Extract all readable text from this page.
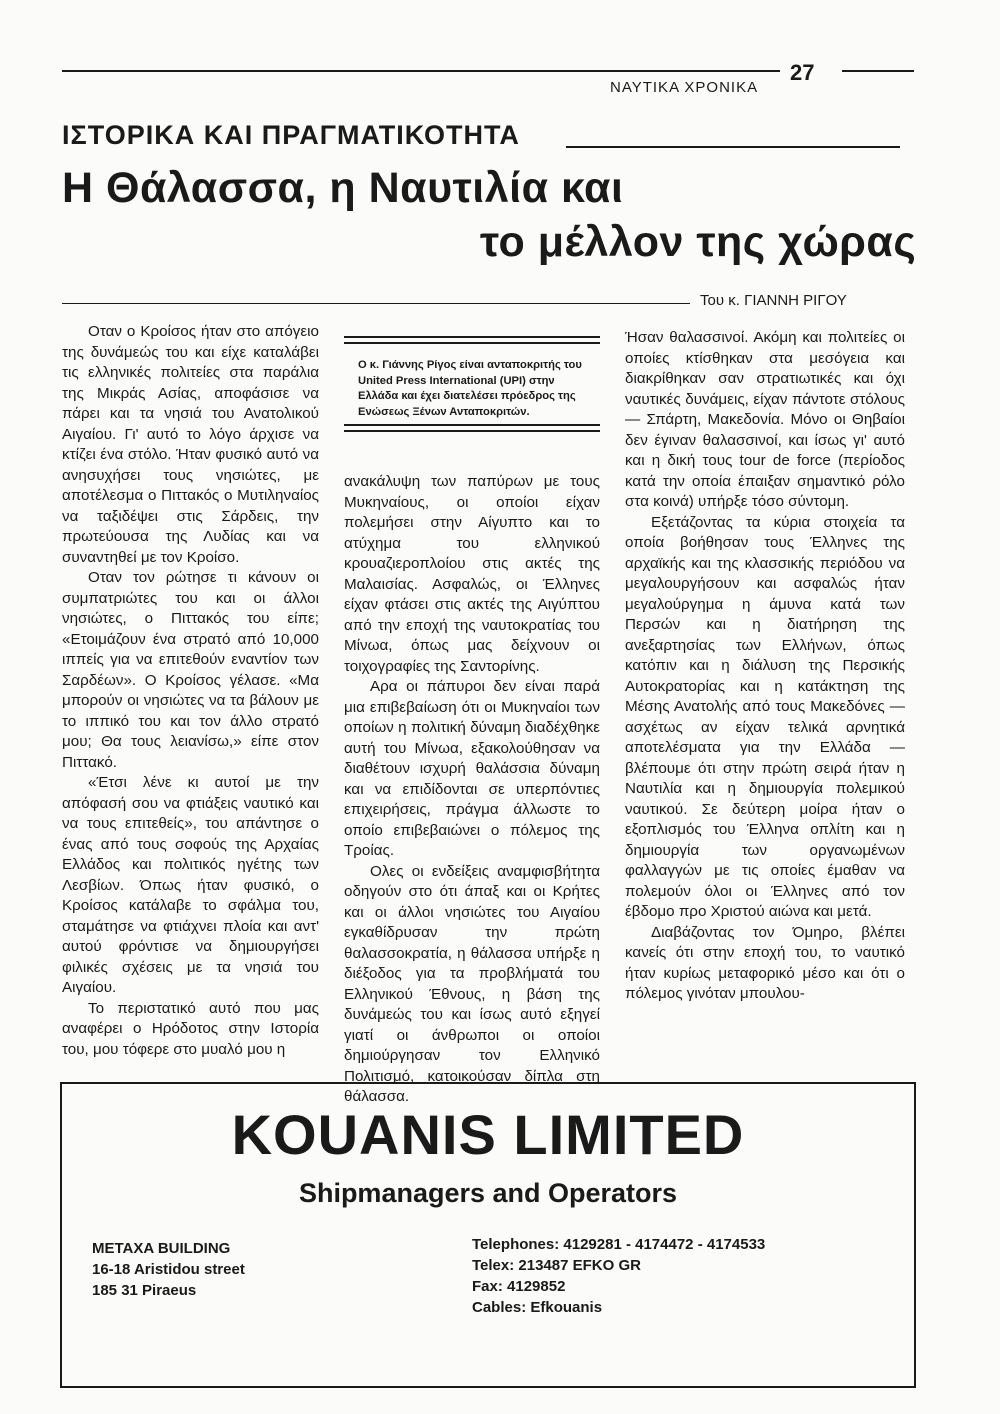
ΝΑΥΤΙΚΑ ΧΡΟΝΙΚΑ
27
ΙΣΤΟΡΙΚΑ ΚΑΙ ΠΡΑΓΜΑΤΙΚΟΤΗΤΑ
Η Θάλασσα, η Ναυτιλία και
το μέλλον της χώρας
Του κ. ΓΙΑΝΝΗ ΡΙΓΟΥ

Οταν ο Κροίσος ήταν στο απόγειο της δυνάμεώς του και είχε καταλάβει τις ελληνικές πολιτείες στα παράλια της Μικράς Ασίας, αποφάσισε να πάρει και τα νησιά του Ανατολικού Αιγαίου. Γι' αυτό το λόγο άρχισε να κτίζει ένα στόλο. Ήταν φυσικό αυτό να ανησυχήσει τους νησιώτες, με αποτέλεσμα ο Πιττακός ο Μυτιληναίος να ταξιδέψει στις Σάρδεις, την πρωτεύουσα της Λυδίας και να συναντηθεί με τον Κροίσο.

Οταν τον ρώτησε τι κάνουν οι συμπατριώτες του και οι άλλοι νησιώτες, ο Πιττακός του είπε; «Ετοιμάζουν ένα στρατό από 10,000 ιππείς για να επιτεθούν εναντίον των Σαρδέων». Ο Κροίσος γέλασε. «Μα μπορούν οι νησιώτες να τα βάλουν με το ιππικό του και τον άλλο στρατό μου; Θα τους λειανίσω,» είπε στον Πιττακό.

«Έτσι λένε κι αυτοί με την απόφασή σου να φτιάξεις ναυτικό και να τους επιτεθείς», του απάντησε ο ένας από τους σοφούς της Αρχαίας Ελλάδος και πολιτικός ηγέτης των Λεσβίων. Όπως ήταν φυσικό, ο Κροίσος κατάλαβε το σφάλμα του, σταμάτησε να φτιάχνει πλοία και αντ' αυτού φρόντισε να δημιουργήσει φιλικές σχέσεις με τα νησιά του Αιγαίου.

Το περιστατικό αυτό που μας αναφέρει ο Ηρόδοτος στην Ιστορία του, μου τόφερε στο μυαλό μου η

Ο κ. Γιάννης Ρίγος είναι ανταποκριτής του United Press International (UPI) στην Ελλάδα και έχει διατελέσει πρόεδρος της Ενώσεως Ξένων Ανταποκριτών.

ανακάλυψη των παπύρων με τους Μυκηναίους, οι οποίοι είχαν πολεμήσει στην Αίγυπτο και το ατύχημα του ελληνικού κρουαζιεροπλοίου στις ακτές της Μαλαισίας. Ασφαλώς, οι Έλληνες είχαν φτάσει στις ακτές της Αιγύπτου από την εποχή της ναυτοκρατίας του Μίνωα, όπως μας δείχνουν οι τοιχογραφίες της Σαντορίνης.

Αρα οι πάπυροι δεν είναι παρά μια επιβεβαίωση ότι οι Μυκηναίοι των οποίων η πολιτική δύναμη διαδέχθηκε αυτή του Μίνωα, εξακολούθησαν να διαθέτουν ισχυρή θαλάσσια δύναμη και να επιδίδονται σε υπερπόντιες επιχειρήσεις, πράγμα άλλωστε το οποίο επιβεβαιώνει ο πόλεμος της Τροίας.

Ολες οι ενδείξεις αναμφισβήτητα οδηγούν στο ότι άπαξ και οι Κρήτες και οι άλλοι νησιώτες του Αιγαίου εγκαθίδρυσαν την πρώτη θαλασσοκρατία, η θάλασσα υπήρξε η διέξοδος για τα προβλήματά του Ελληνικού Έθνους, η βάση της δυνάμεώς του και ίσως αυτό εξηγεί γιατί οι άνθρωποι οι οποίοι δημιούργησαν τον Ελληνικό Πολιτισμό, κατοικούσαν δίπλα στη θάλασσα.

Ήσαν θαλασσινοί. Ακόμη και πολιτείες οι οποίες κτίσθηκαν στα μεσόγεια και διακρίθηκαν σαν στρατιωτικές και όχι ναυτικές δυνάμεις, είχαν πάντοτε στόλους — Σπάρτη, Μακεδονία. Μόνο οι Θηβαίοι δεν έγιναν θαλασσινοί, και ίσως γι' αυτό και η δική τους tour de force (περίοδος κατά την οποία έπαιξαν σημαντικό ρόλο στα κοινά) υπήρξε τόσο σύντομη.

Εξετάζοντας τα κύρια στοιχεία τα οποία βοήθησαν τους Έλληνες της αρχαϊκής και της κλασσικής περιόδου να μεγαλουργήσουν και ασφαλώς ήταν μεγαλούργημα η άμυνα κατά των Περσών και η διατήρηση της ανεξαρτησίας των Ελλήνων, όπως κατόπιν και η διάλυση της Περσικής Αυτοκρατορίας και η κατάκτηση της Μέσης Ανατολής από τους Μακεδόνες — ασχέτως αν είχαν τελικά αρνητικά αποτελέσματα για την Ελλάδα — βλέπουμε ότι στην πρώτη σειρά ήταν η Ναυτιλία και η δημιουργία πολεμικού ναυτικού. Σε δεύτερη μοίρα ήταν ο εξοπλισμός του Έλληνα οπλίτη και η δημιουργία των οργανωμένων φαλλαγγών με τις οποίες έμαθαν να πολεμούν όλοι οι Έλληνες από τον έβδομο προ Χριστού αιώνα και μετά.

Διαβάζοντας τον Όμηρο, βλέπει κανείς ότι στην εποχή του, το ναυτικό ήταν κυρίως μεταφορικό μέσο και ότι ο πόλεμος γινόταν μπουλου-

KOUANIS LIMITED
Shipmanagers and Operators
METAXA BUILDING
16-18 Aristidou street
185 31 Piraeus
Telephones: 4129281 - 4174472 - 4174533
Telex: 213487 EFKO GR
Fax: 4129852
Cables: Efkouanis
